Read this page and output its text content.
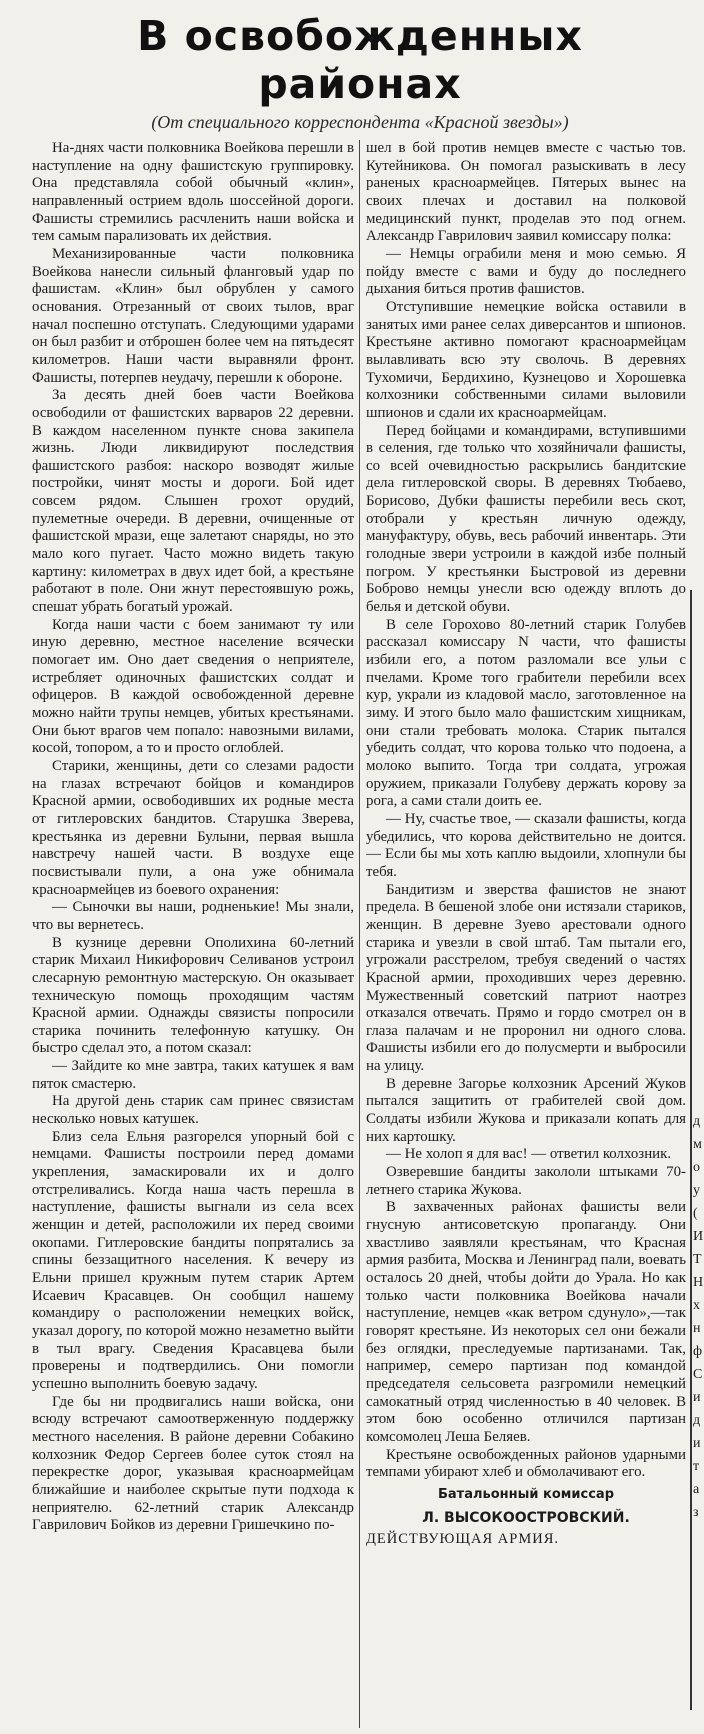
В освобожденных
районах
(От специального корреспондента «Красной звезды»)

На-днях части полковника Воейкова перешли в наступление на одну фашистскую группировку. Она представляла собой обычный «клин», направленный острием вдоль шоссейной дороги. Фашисты стремились расчленить наши войска и тем самым парализовать их действия.

Механизированные части полковника Воейкова нанесли сильный фланговый удар по фашистам. «Клин» был обрублен у самого основания. Отрезанный от своих тылов, враг начал поспешно отступать. Следующими ударами он был разбит и отброшен более чем на пятьдесят километров. Наши части выравняли фронт. Фашисты, потерпев неудачу, перешли к обороне.

За десять дней боев части Воейкова освободили от фашистских варваров 22 деревни. В каждом населенном пункте снова закипела жизнь. Люди ликвидируют последствия фашистского разбоя: наскоро возводят жилые постройки, чинят мосты и дороги. Бой идет совсем рядом. Слышен грохот орудий, пулеметные очереди. В деревни, очищенные от фашистской мрази, еще залетают снаряды, но это мало кого пугает. Часто можно видеть такую картину: километрах в двух идет бой, а крестьяне работают в поле. Они жнут перестоявшую рожь, спешат убрать богатый урожай.

Когда наши части с боем занимают ту или иную деревню, местное население всячески помогает им. Оно дает сведения о неприятеле, истребляет одиночных фашистских солдат и офицеров. В каждой освобожденной деревне можно найти трупы немцев, убитых крестьянами. Они бьют врагов чем попало: навозными вилами, косой, топором, а то и просто оглоблей.

Старики, женщины, дети со слезами радости на глазах встречают бойцов и командиров Красной армии, освободивших их родные места от гитлеровских бандитов. Старушка Зверева, крестьянка из деревни Булыни, первая вышла навстречу нашей части. В воздухе еще посвистывали пули, а она уже обнимала красноармейцев из боевого охранения:

— Сыночки вы наши, родненькие! Мы знали, что вы вернетесь.

В кузнице деревни Ополихина 60-летний старик Михаил Никифорович Селиванов устроил слесарную ремонтную мастерскую. Он оказывает техническую помощь проходящим частям Красной армии. Однажды связисты попросили старика починить телефонную катушку. Он быстро сделал это, а потом сказал:

— Зайдите ко мне завтра, таких катушек я вам пяток смастерю.

На другой день старик сам принес связистам несколько новых катушек.

Близ села Ельня разгорелся упорный бой с немцами. Фашисты построили перед домами укрепления, замаскировали их и долго отстреливались. Когда наша часть перешла в наступление, фашисты выгнали из села всех женщин и детей, расположили их перед своими окопами. Гитлеровские бандиты попрятались за спины беззащитного населения. К вечеру из Ельни пришел кружным путем старик Артем Исаевич Красавцев. Он сообщил нашему командиру о расположении немецких войск, указал дорогу, по которой можно незаметно выйти в тыл врагу. Сведения Красавцева были проверены и подтвердились. Они помогли успешно выполнить боевую задачу.

Где бы ни продвигались наши войска, они всюду встречают самоотверженную поддержку местного населения. В районе деревни Собакино колхозник Федор Сергеев более суток стоял на перекрестке дорог, указывая красноармейцам ближайшие и наиболее скрытые пути подхода к неприятелю. 62-летний старик Александр Гаврилович Бойков из деревни Гришечкино по-

шел в бой против немцев вместе с частью тов. Кутейникова. Он помогал разыскивать в лесу раненых красноармейцев. Пятерых вынес на своих плечах и доставил на полковой медицинский пункт, проделав это под огнем. Александр Гаврилович заявил комиссару полка:

— Немцы ограбили меня и мою семью. Я пойду вместе с вами и буду до последнего дыхания биться против фашистов.

Отступившие немецкие войска оставили в занятых ими ранее селах диверсантов и шпионов. Крестьяне активно помогают красноармейцам вылавливать всю эту сволочь. В деревнях Тухомичи, Бердихино, Кузнецово и Хорошевка колхозники собственными силами выловили шпионов и сдали их красноармейцам.

Перед бойцами и командирами, вступившими в селения, где только что хозяйничали фашисты, со всей очевидностью раскрылись бандитские дела гитлеровской своры. В деревнях Тюбаево, Борисово, Дубки фашисты перебили весь скот, отобрали у крестьян личную одежду, мануфактуру, обувь, весь рабочий инвентарь. Эти голодные звери устроили в каждой избе полный погром. У крестьянки Быстровой из деревни Боброво немцы унесли всю одежду вплоть до белья и детской обуви.

В селе Горохово 80-летний старик Голубев рассказал комиссару N части, что фашисты избили его, а потом разломали все ульи с пчелами. Кроме того грабители перебили всех кур, украли из кладовой масло, заготовленное на зиму. И этого было мало фашистским хищникам, они стали требовать молока. Старик пытался убедить солдат, что корова только что подоена, а молоко выпито. Тогда три солдата, угрожая оружием, приказали Голубеву держать корову за рога, а сами стали доить ее.

— Ну, счастье твое, — сказали фашисты, когда убедились, что корова действительно не доится. — Если бы мы хоть каплю выдоили, хлопнули бы тебя.

Бандитизм и зверства фашистов не знают предела. В бешеной злобе они истязали стариков, женщин. В деревне Зуево арестовали одного старика и увезли в свой штаб. Там пытали его, угрожали расстрелом, требуя сведений о частях Красной армии, проходивших через деревню. Мужественный советский патриот наотрез отказался отвечать. Прямо и гордо смотрел он в глаза палачам и не проронил ни одного слова. Фашисты избили его до полусмерти и выбросили на улицу.

В деревне Загорье колхозник Арсений Жуков пытался защитить от грабителей свой дом. Солдаты избили Жукова и приказали копать для них картошку.

— Не холоп я для вас! — ответил колхозник.

Озверевшие бандиты закололи штыками 70-летнего старика Жукова.

В захваченных районах фашисты вели гнусную антисоветскую пропаганду. Они хвастливо заявляли крестьянам, что Красная армия разбита, Москва и Ленинград пали, воевать осталось 20 дней, чтобы дойти до Урала. Но как только части полковника Воейкова начали наступление, немцев «как ветром сдунуло»,—так говорят крестьяне. Из некоторых сел они бежали без оглядки, преследуемые партизанами. Так, например, семеро партизан под командой председателя сельсовета разгромили немецкий самокатный отряд численностью в 40 человек. В этом бою особенно отличился партизан комсомолец Леша Беляев.

Крестьяне освобожденных районов ударными темпами убирают хлеб и обмолачивают его.

Батальонный комиссар
Л. ВЫСОКООСТРОВСКИЙ.
ДЕЙСТВУЮЩАЯ АРМИЯ.
д
м
о
у
(
И
Т
Н
х
н
ф
С
и
д
и
т
а
з
